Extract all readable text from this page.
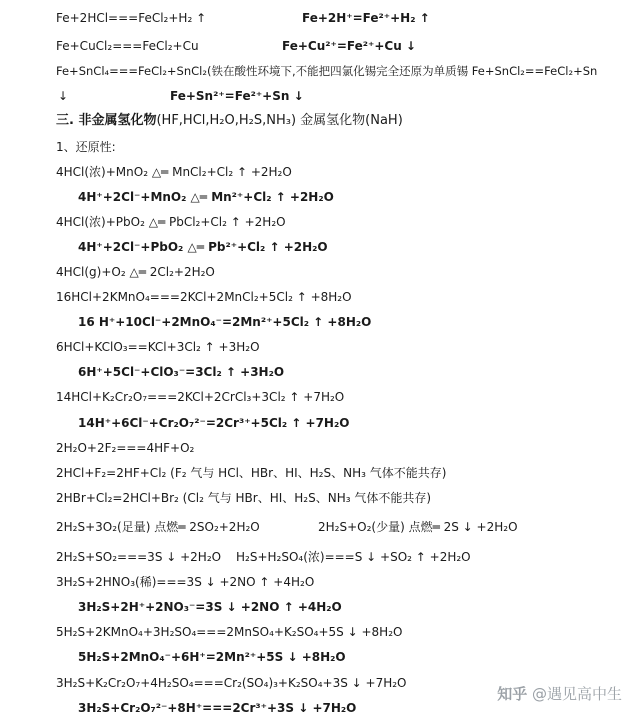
Fe+2HCl===FeCl₂+H₂ ↑	Fe+2H⁺=Fe²⁺+H₂ ↑
Fe+CuCl₂===FeCl₂+Cu	Fe+Cu²⁺=Fe²⁺+Cu ↓
Fe+SnCl₄===FeCl₂+SnCl₂(铁在酸性环境下,不能把四氯化锡完全还原为单质锡 Fe+SnCl₂==FeCl₂+Sn
↓	Fe+Sn²⁺=Fe²⁺+Sn ↓
三. 非金属氢化物(HF,HCl,H₂O,H₂S,NH₃) 金属氢化物(NaH)
1、还原性:
4HCl(浓)+MnO₂ △═ MnCl₂+Cl₂ ↑ +2H₂O
4H⁺+2Cl⁻+MnO₂ △═ Mn²⁺+Cl₂ ↑ +2H₂O
4HCl(浓)+PbO₂ △═ PbCl₂+Cl₂ ↑ +2H₂O
4H⁺+2Cl⁻+PbO₂ △═ Pb²⁺+Cl₂ ↑ +2H₂O
4HCl(g)+O₂ △═ 2Cl₂+2H₂O
16HCl+2KMnO₄===2KCl+2MnCl₂+5Cl₂ ↑ +8H₂O
16 H⁺+10Cl⁻+2MnO₄⁻=2Mn²⁺+5Cl₂ ↑ +8H₂O
6HCl+KClO₃==KCl+3Cl₂ ↑ +3H₂O
6H⁺+5Cl⁻+ClO₃⁻=3Cl₂ ↑ +3H₂O
14HCl+K₂Cr₂O₇===2KCl+2CrCl₃+3Cl₂ ↑ +7H₂O
14H⁺+6Cl⁻+Cr₂O₇²⁻=2Cr³⁺+5Cl₂ ↑ +7H₂O
2H₂O+2F₂===4HF+O₂
2HCl+F₂=2HF+Cl₂ (F₂ 气与 HCl、HBr、HI、H₂S、NH₃ 气体不能共存)
2HBr+Cl₂=2HCl+Br₂ (Cl₂ 气与 HBr、HI、H₂S、NH₃ 气体不能共存)
2H₂S+3O₂(足量) 点燃═ 2SO₂+2H₂O	2H₂S+O₂(少量) 点燃═ 2S ↓ +2H₂O
2H₂S+SO₂===3S ↓ +2H₂O H₂S+H₂SO₄(浓)===S ↓ +SO₂ ↑ +2H₂O
3H₂S+2HNO₃(稀)===3S ↓ +2NO ↑ +4H₂O
3H₂S+2H⁺+2NO₃⁻=3S ↓ +2NO ↑ +4H₂O
5H₂S+2KMnO₄+3H₂SO₄===2MnSO₄+K₂SO₄+5S ↓ +8H₂O
5H₂S+2MnO₄⁻+6H⁺=2Mn²⁺+5S ↓ +8H₂O
3H₂S+K₂Cr₂O₇+4H₂SO₄===Cr₂(SO₄)₃+K₂SO₄+3S ↓ +7H₂O
3H₂S+Cr₂O₇²⁻+8H⁺===2Cr³⁺+3S ↓ +7H₂O
知乎 @遇见高中生
